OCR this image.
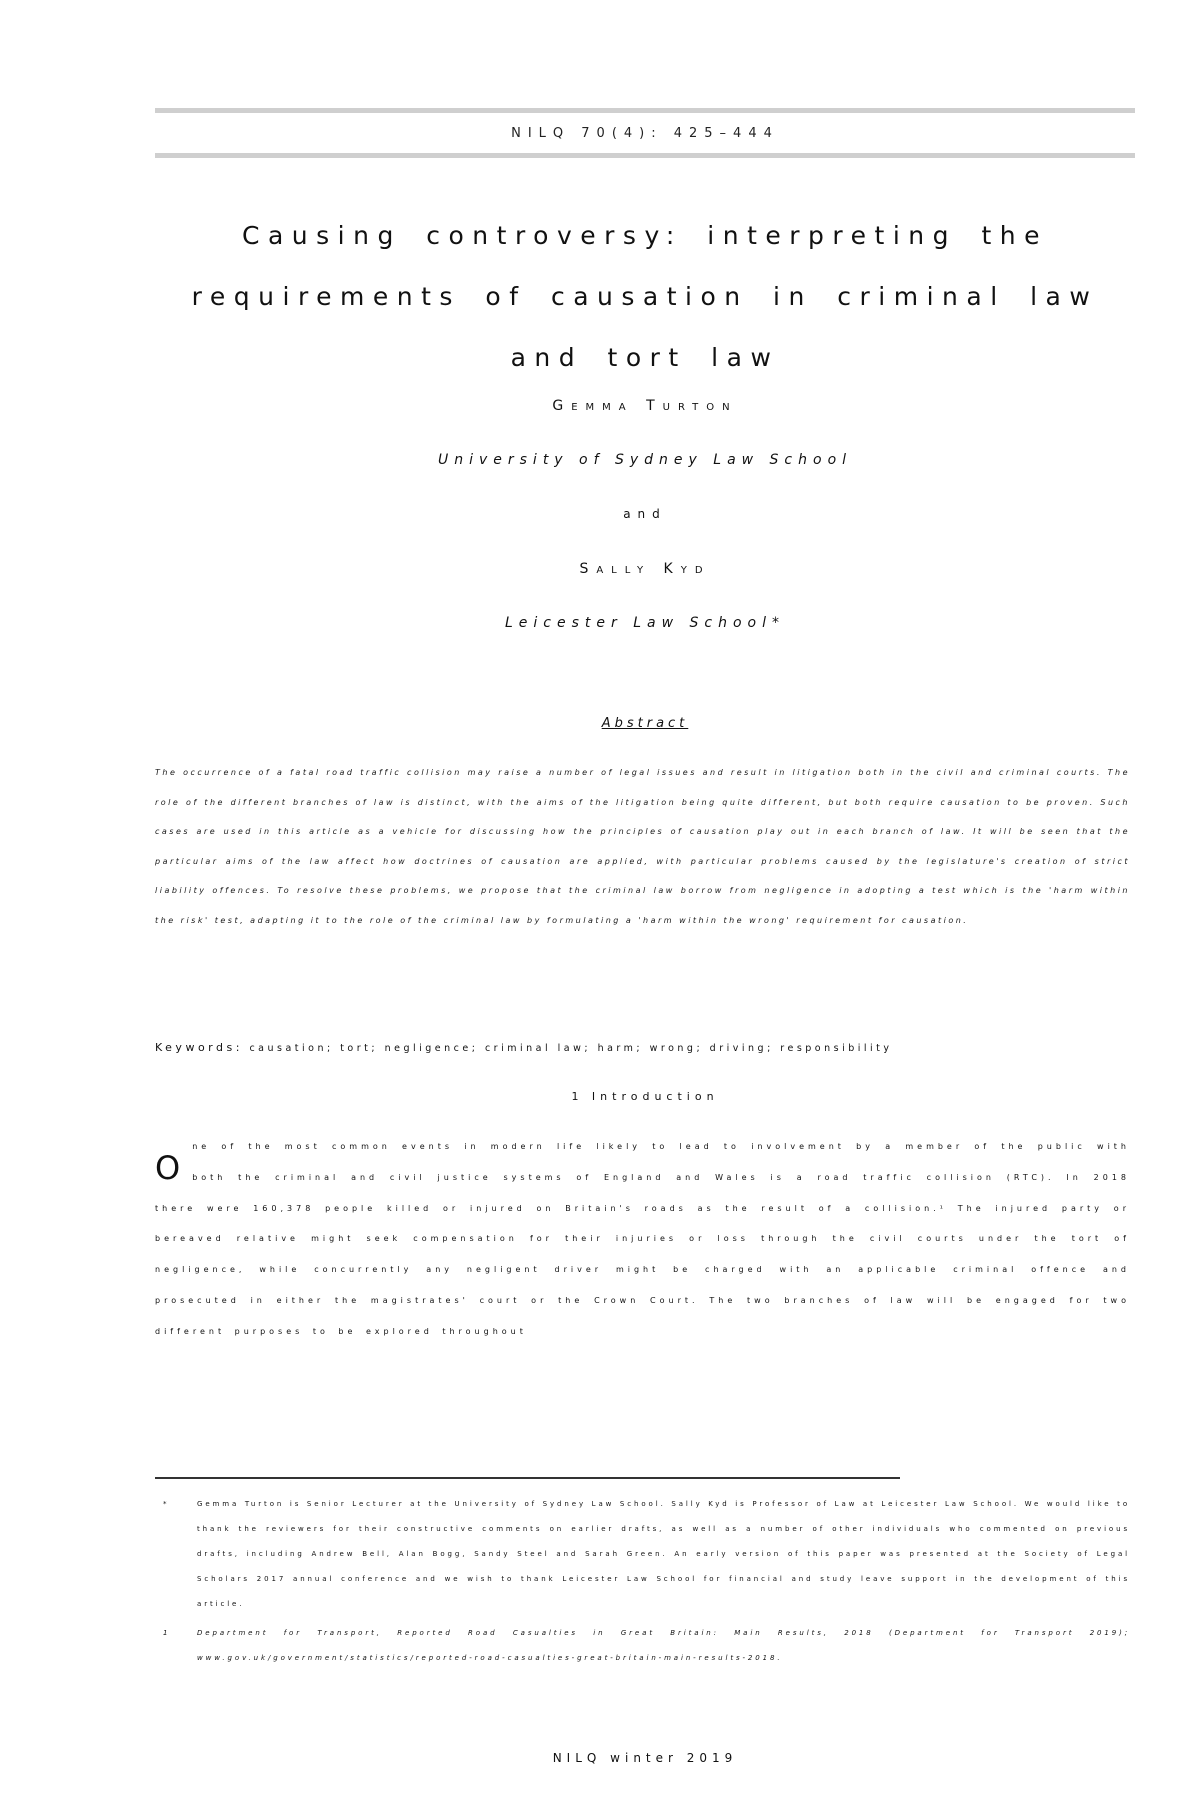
NILQ 70(4): 425–444
Causing controversy: interpreting the
requirements of causation in criminal law
and tort law
Gemma Turton
University of Sydney Law School
and
Sally Kyd
Leicester Law School*
Abstract

The occurrence of a fatal road traffic collision may raise a number of legal issues and result in litigation both in the civil and criminal courts. The role of the different branches of law is distinct, with the aims of the litigation being quite different, but both require causation to be proven. Such cases are used in this article as a vehicle for discussing how the principles of causation play out in each branch of law. It will be seen that the particular aims of the law affect how doctrines of causation are applied, with particular problems caused by the legislature's creation of strict liability offences. To resolve these problems, we propose that the criminal law borrow from negligence in adopting a test which is the 'harm within the risk' test, adapting it to the role of the criminal law by formulating a 'harm within the wrong' requirement for causation.

Keywords: causation; tort; negligence; criminal law; harm; wrong; driving; responsibility
1 Introduction

O
ne of the most common events in modern life likely to lead to involvement by a member of the public with both the criminal and civil justice systems of England and Wales is a road traffic collision (RTC). In 2018 there were 160,378 people killed or injured on Britain's roads as the result of a collision.¹ The injured party or bereaved relative might seek compensation for their injuries or loss through the civil courts under the tort of negligence, while concurrently any negligent driver might be charged with an applicable criminal offence and prosecuted in either the magistrates' court or the Crown Court. The two branches of law will be engaged for two different purposes to be explored throughout

*	Gemma Turton is Senior Lecturer at the University of Sydney Law School. Sally Kyd is Professor of Law at Leicester Law School. We would like to thank the reviewers for their constructive comments on earlier drafts, as well as a number of other individuals who commented on previous drafts, including Andrew Bell, Alan Bogg, Sandy Steel and Sarah Green. An early version of this paper was presented at the Society of Legal Scholars 2017 annual conference and we wish to thank Leicester Law School for financial and study leave support in the development of this article.

1	Department for Transport, Reported Road Casualties in Great Britain: Main Results, 2018 (Department for Transport 2019); www.gov.uk/government/statistics/reported-road-casualties-great-britain-main-results-2018.

NILQ winter 2019
